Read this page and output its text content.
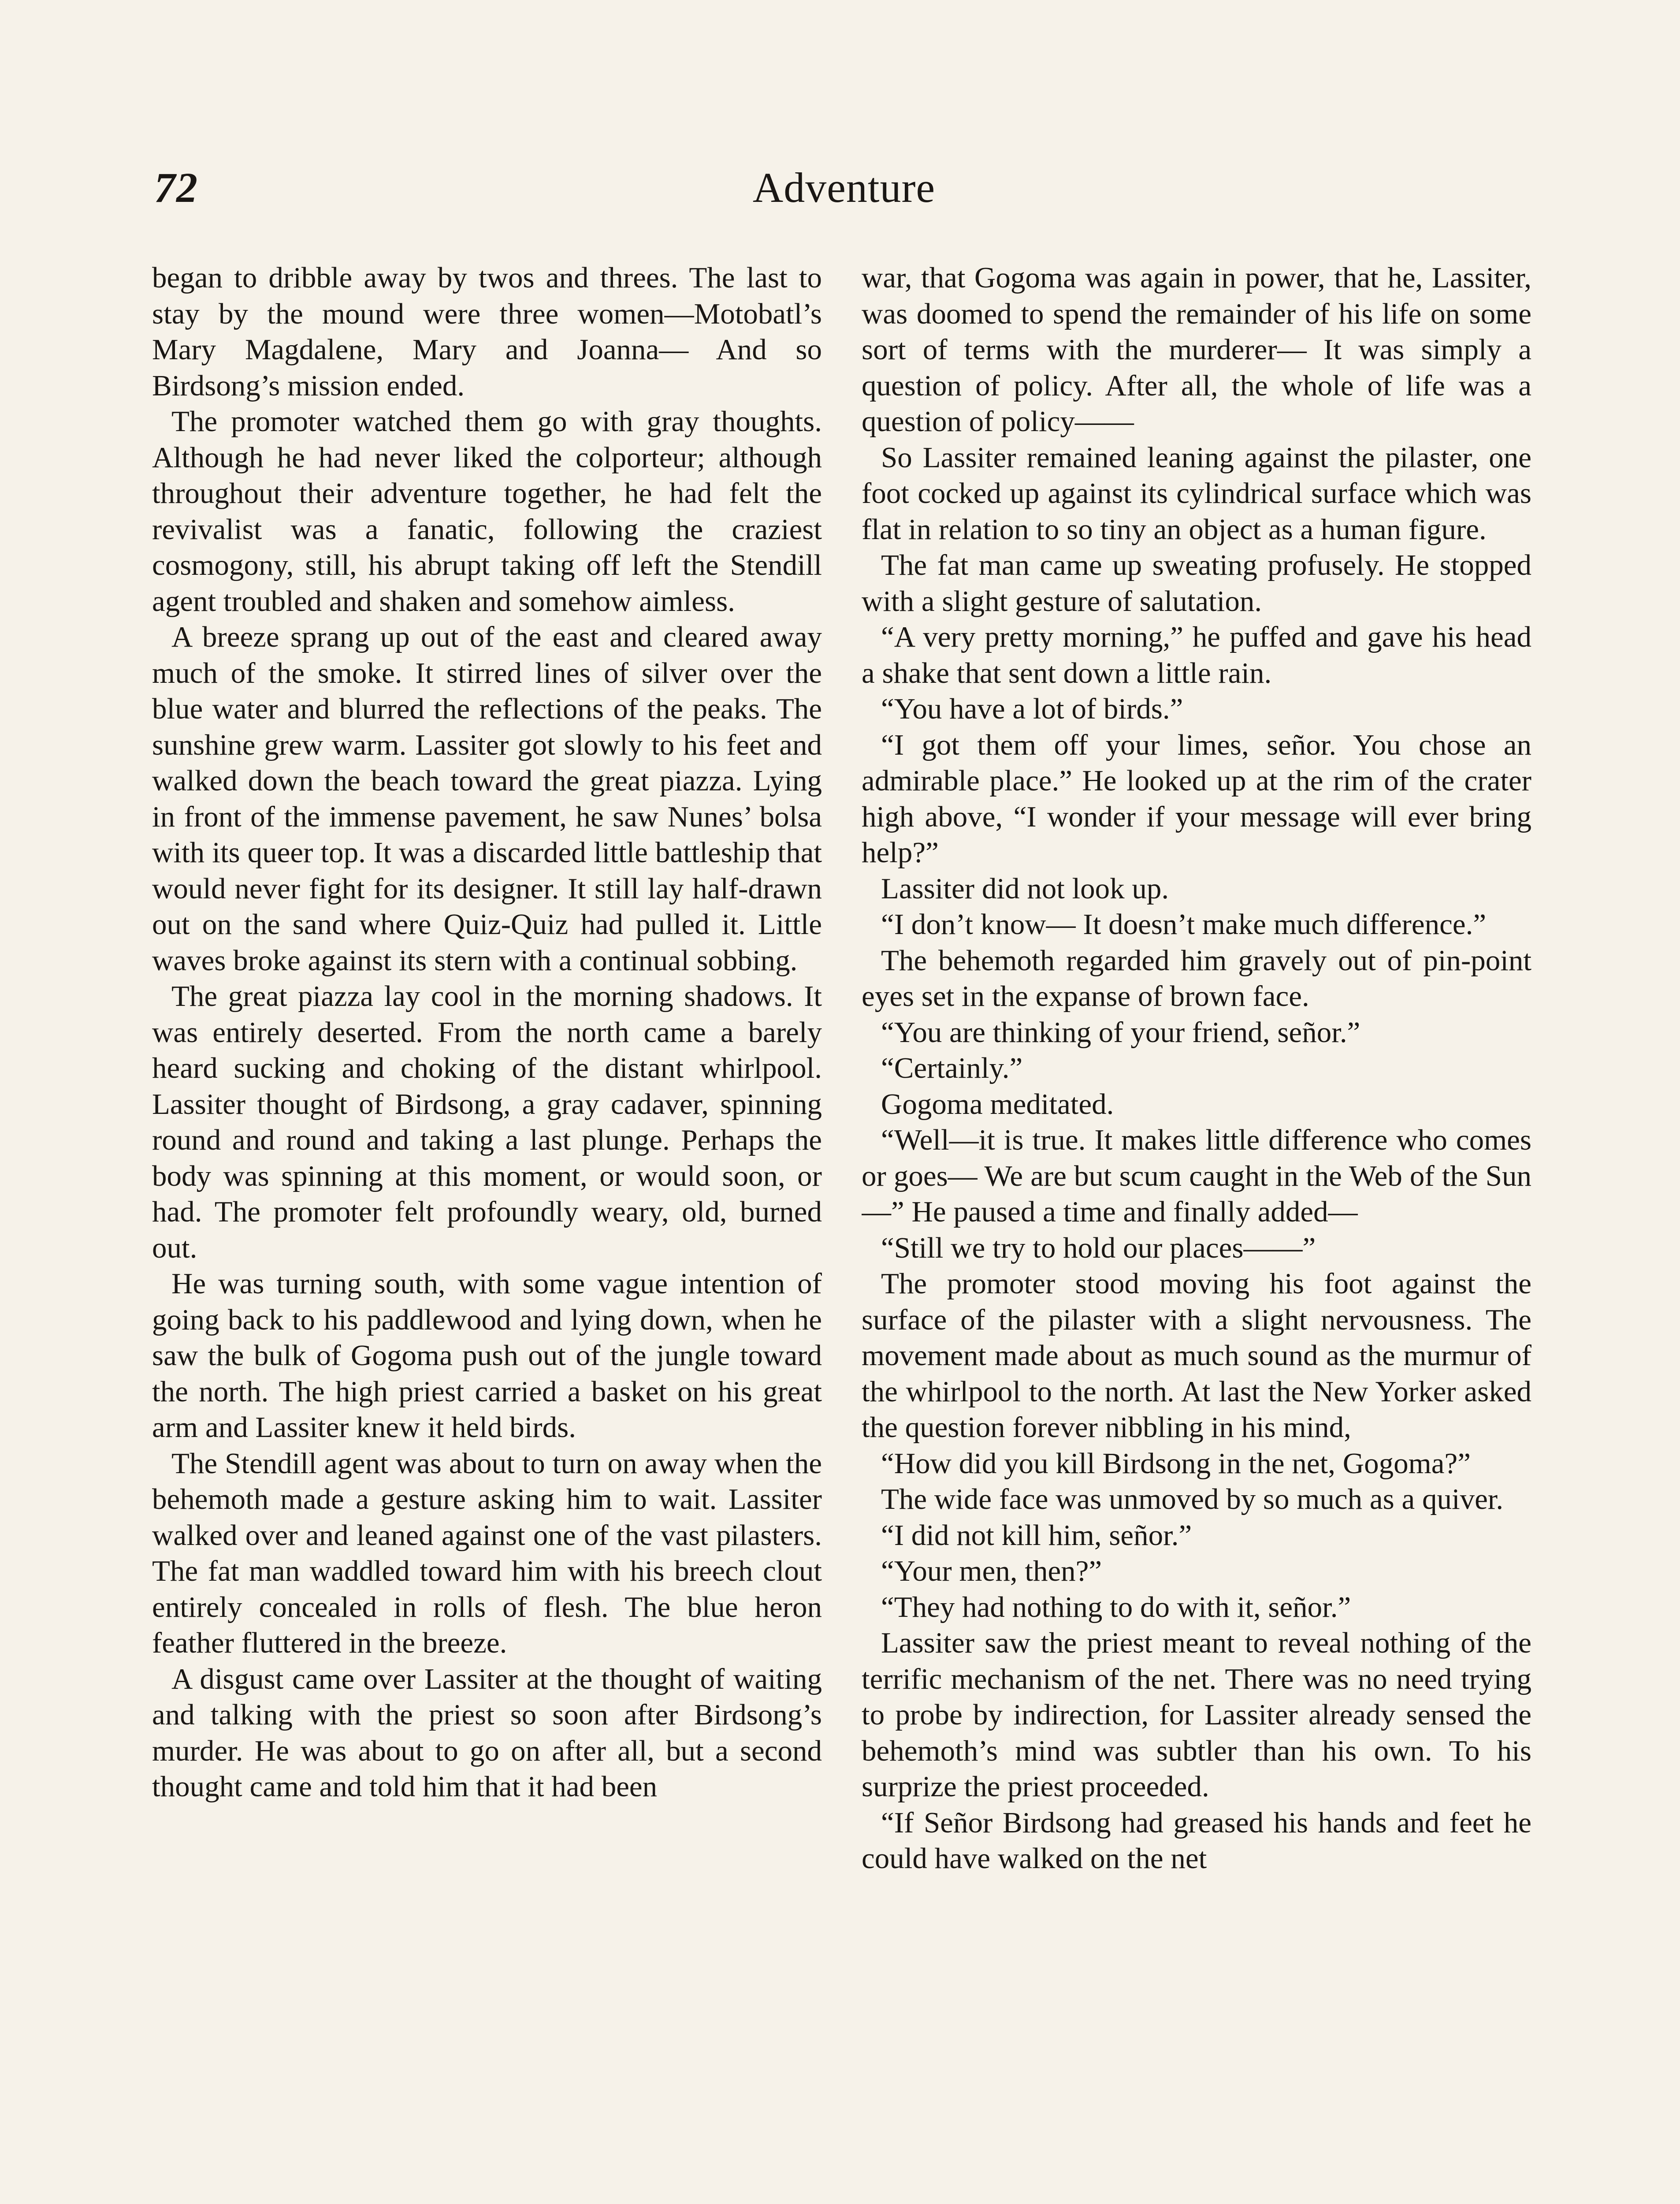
72	Adventure

began to dribble away by twos and threes. The last to stay by the mound were three women—Motobatl’s Mary Magdalene, Mary and Joanna— And so Birdsong’s mission ended.

The promoter watched them go with gray thoughts. Although he had never liked the colporteur; although throughout their adventure together, he had felt the revivalist was a fanatic, following the craziest cosmogony, still, his abrupt taking off left the Stendill agent troubled and shaken and somehow aimless.

A breeze sprang up out of the east and cleared away much of the smoke. It stirred lines of silver over the blue water and blurred the reflections of the peaks. The sunshine grew warm. Lassiter got slowly to his feet and walked down the beach toward the great piazza. Lying in front of the immense pavement, he saw Nunes’ bolsa with its queer top. It was a discarded little battleship that would never fight for its designer. It still lay half-drawn out on the sand where Quiz-Quiz had pulled it. Little waves broke against its stern with a continual sobbing.

The great piazza lay cool in the morning shadows. It was entirely deserted. From the north came a barely heard sucking and choking of the distant whirlpool. Lassiter thought of Birdsong, a gray cadaver, spinning round and round and taking a last plunge. Perhaps the body was spinning at this moment, or would soon, or had. The promoter felt profoundly weary, old, burned out.

He was turning south, with some vague intention of going back to his paddlewood and lying down, when he saw the bulk of Gogoma push out of the jungle toward the north. The high priest carried a basket on his great arm and Lassiter knew it held birds.

The Stendill agent was about to turn on away when the behemoth made a gesture asking him to wait. Lassiter walked over and leaned against one of the vast pilasters. The fat man waddled toward him with his breech clout entirely concealed in rolls of flesh. The blue heron feather fluttered in the breeze.

A disgust came over Lassiter at the thought of waiting and talking with the priest so soon after Birdsong’s murder. He was about to go on after all, but a second thought came and told him that it had been

war, that Gogoma was again in power, that he, Lassiter, was doomed to spend the remainder of his life on some sort of terms with the murderer— It was simply a question of policy. After all, the whole of life was a question of policy——

So Lassiter remained leaning against the pilaster, one foot cocked up against its cylindrical surface which was flat in relation to so tiny an object as a human figure.

The fat man came up sweating profusely. He stopped with a slight gesture of salutation.

“A very pretty morning,” he puffed and gave his head a shake that sent down a little rain.

“You have a lot of birds.”

“I got them off your limes, señor. You chose an admirable place.” He looked up at the rim of the crater high above, “I wonder if your message will ever bring help?”

Lassiter did not look up.

“I don’t know— It doesn’t make much difference.”

The behemoth regarded him gravely out of pin-point eyes set in the expanse of brown face.

“You are thinking of your friend, señor.”

“Certainly.”

Gogoma meditated.

“Well—it is true. It makes little difference who comes or goes— We are but scum caught in the Web of the Sun—” He paused a time and finally added—

“Still we try to hold our places——”

The promoter stood moving his foot against the surface of the pilaster with a slight nervousness. The movement made about as much sound as the murmur of the whirlpool to the north. At last the New Yorker asked the question forever nibbling in his mind,

“How did you kill Birdsong in the net, Gogoma?”

The wide face was unmoved by so much as a quiver.

“I did not kill him, señor.”

“Your men, then?”

“They had nothing to do with it, señor.”

Lassiter saw the priest meant to reveal nothing of the terrific mechanism of the net. There was no need trying to probe by indirection, for Lassiter already sensed the behemoth’s mind was subtler than his own. To his surprize the priest proceeded.

“If Señor Birdsong had greased his hands and feet he could have walked on the net
